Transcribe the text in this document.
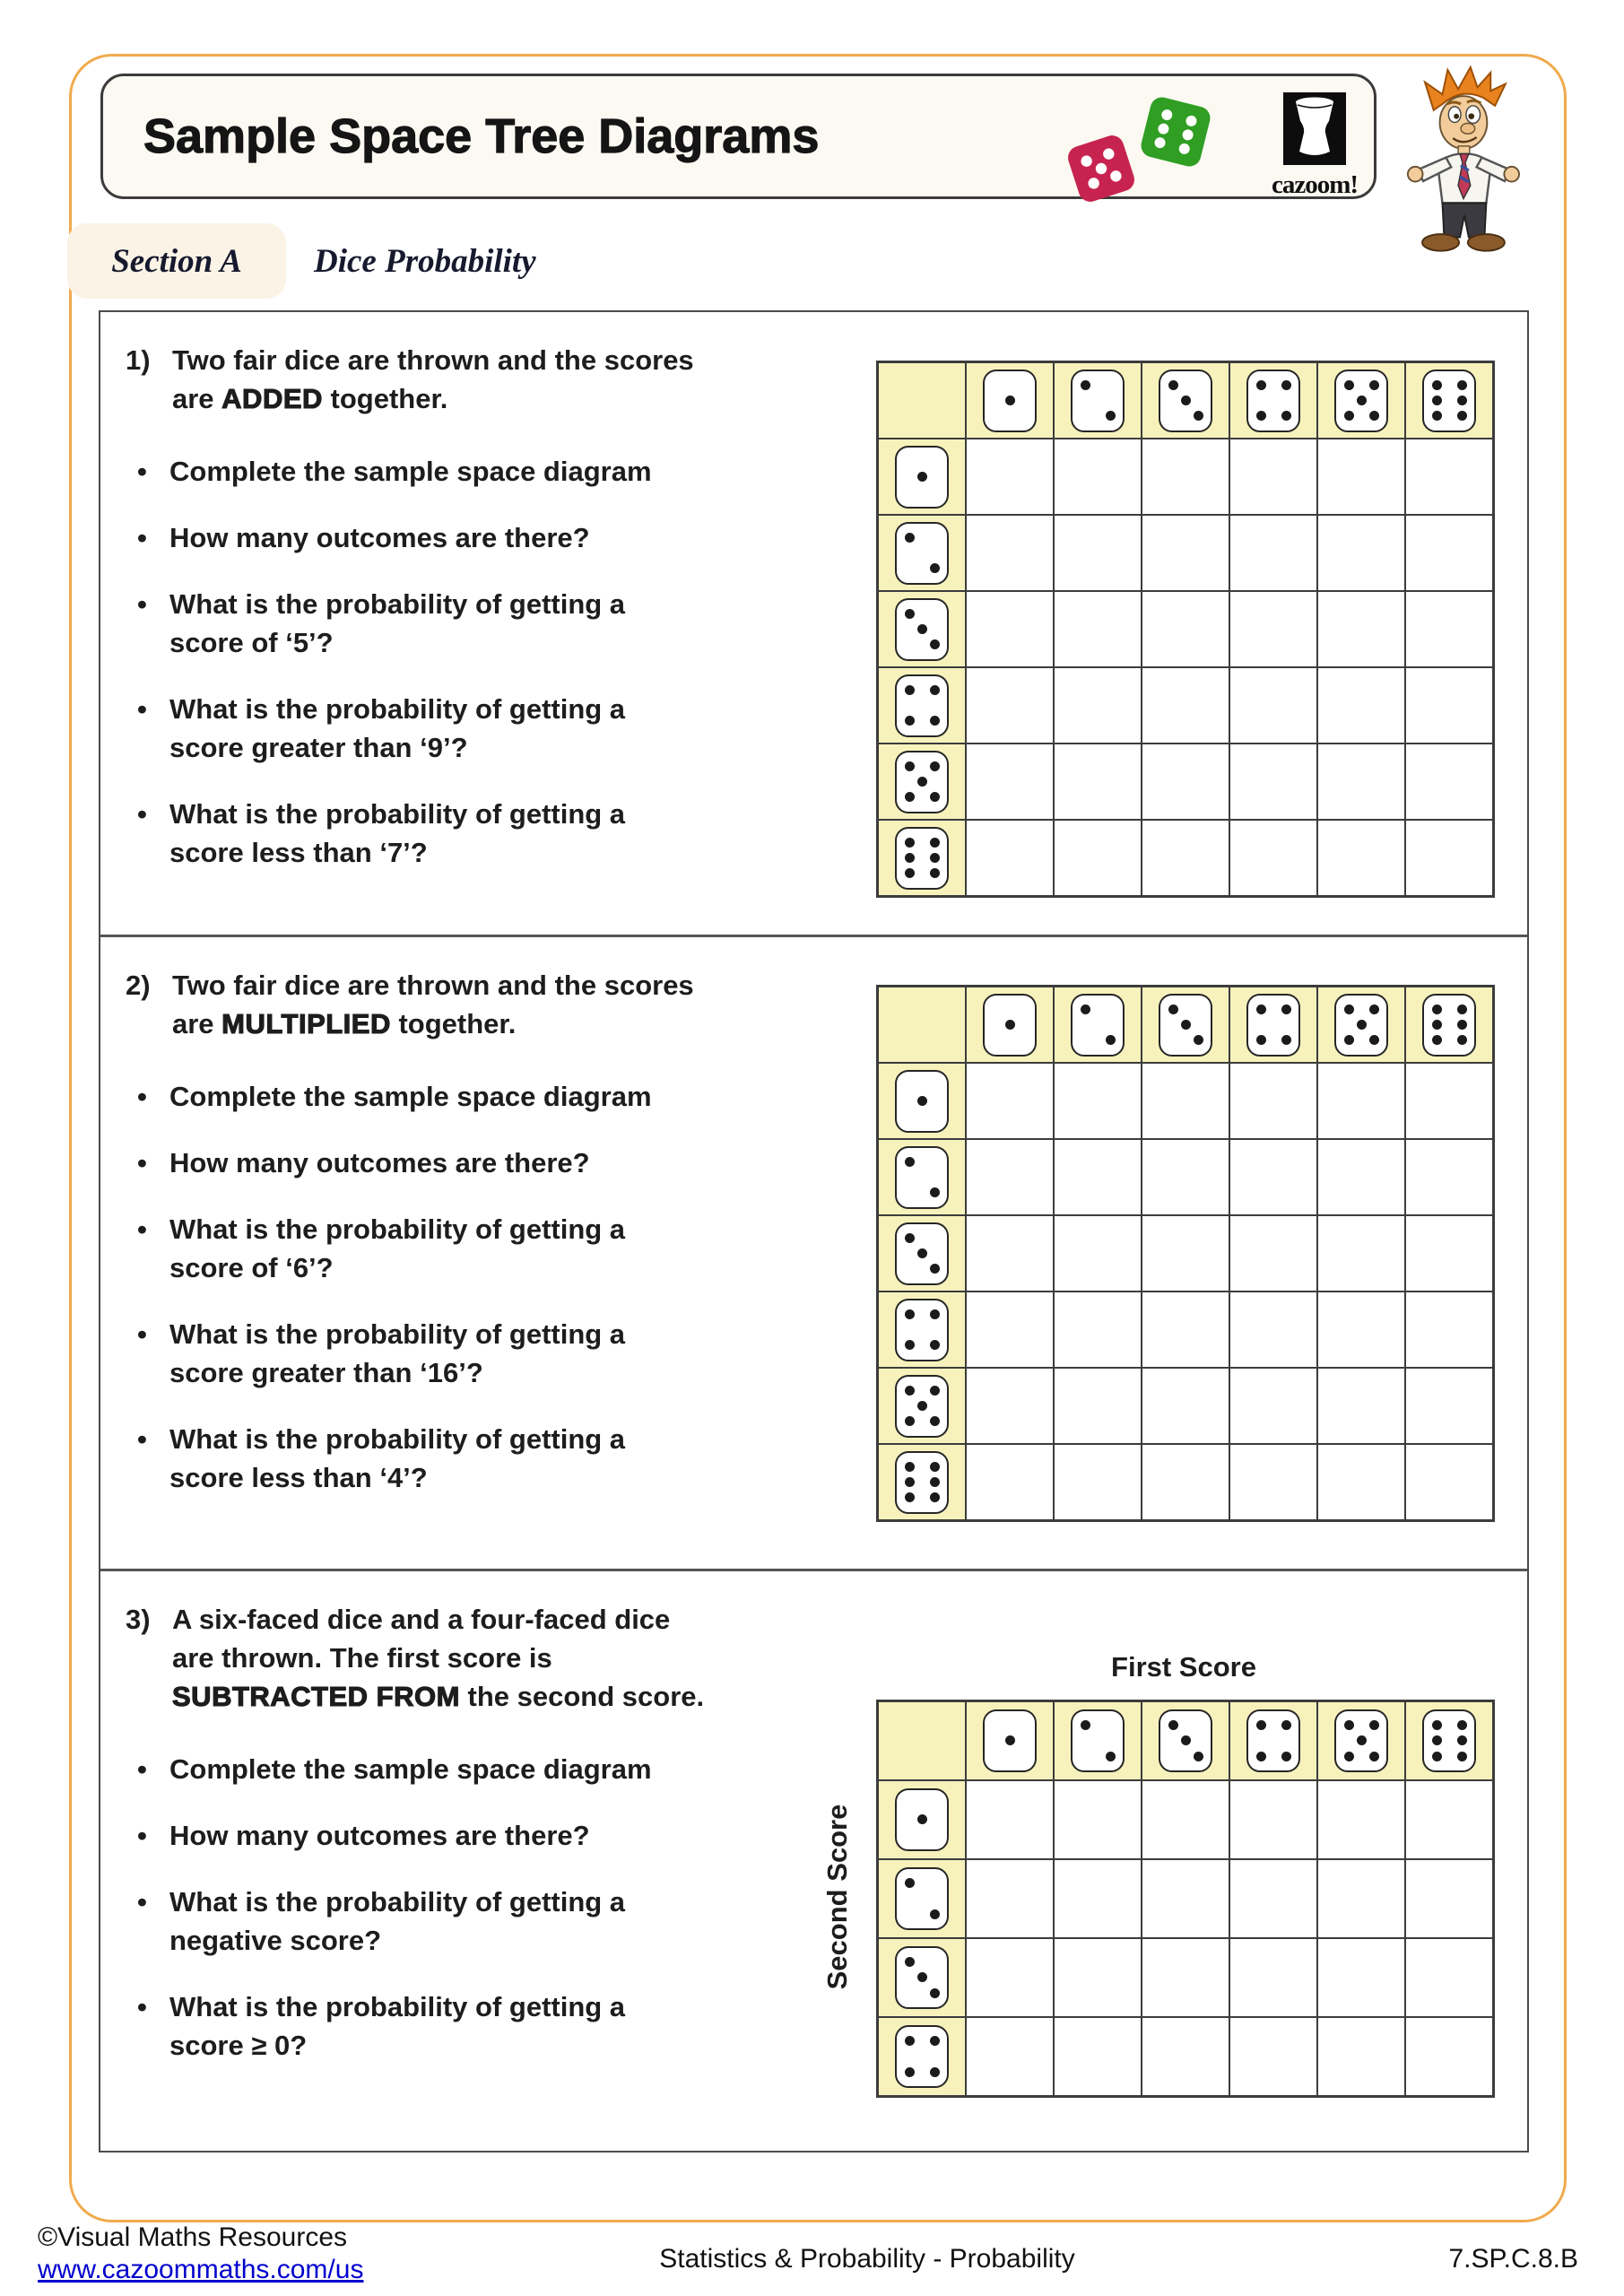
Sample Space Tree Diagrams
cazoom!
Section A Dice Probability

1) Two fair dice are thrown and the scores are ADDED together.

• Complete the sample space diagram
• How many outcomes are there?
• What is the probability of getting a score of ‘5’?
• What is the probability of getting a score greater than ‘9’?
• What is the probability of getting a score less than ‘7’?

2) Two fair dice are thrown and the scores are MULTIPLIED together.

• Complete the sample space diagram
• How many outcomes are there?
• What is the probability of getting a score of ‘6’?
• What is the probability of getting a score greater than ‘16’?
• What is the probability of getting a score less than ‘4’?

3) A six-faced dice and a four-faced dice are thrown. The first score is SUBTRACTED FROM the second score.

• Complete the sample space diagram
• How many outcomes are there?
• What is the probability of getting a negative score?
• What is the probability of getting a score ≥ 0?
First Score
Second Score
©Visual Maths Resources
www.cazoommaths.com/us	Statistics & Probability - Probability	7.SP.C.8.B
